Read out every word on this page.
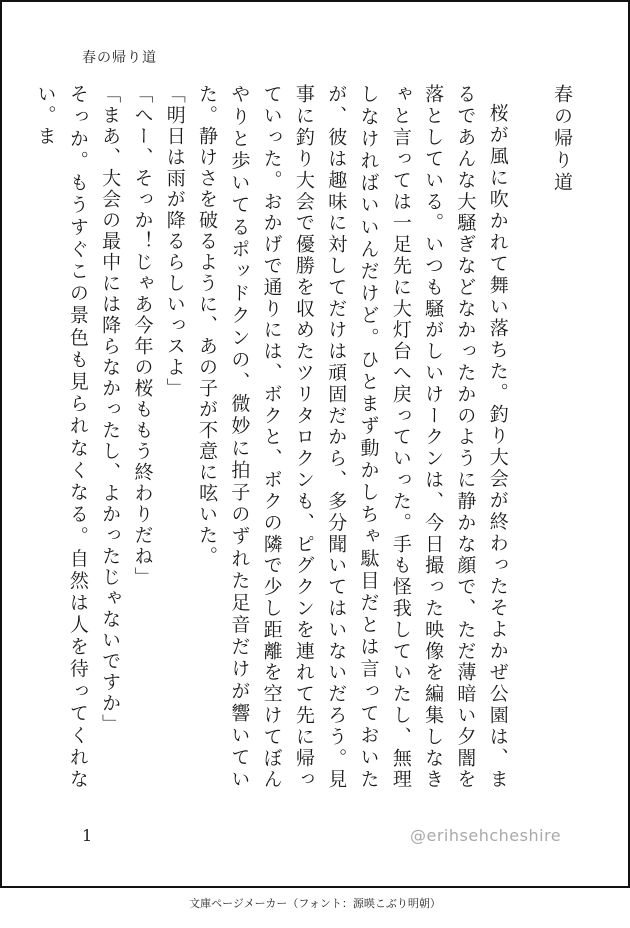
春の帰り道
春の帰り道
桜が風に吹かれて舞い落ちた。釣り大会が終わったそよかぜ公園は、まるであんな大騒ぎなどなかったかのように静かな顔で、ただ薄暗い夕闇を落としている。いつも騒がしいけークンは、今日撮った映像を編集しなきゃと言っては一足先に大灯台へ戻っていった。手も怪我していたし、無理しなければいいんだけど。ひとまず動かしちゃ駄目だとは言っておいたが、彼は趣味に対してだけは頑固だから、多分聞いてはいないだろう。見事に釣り大会で優勝を収めたツリタロクンも、ピグクンを連れて先に帰っていった。おかげで通りには、ボクと、ボクの隣で少し距離を空けてぼんやりと歩いてるポッドクンの、微妙に拍子のずれた足音だけが響いていた。静けさを破るように、あの子が不意に呟いた。
「明日は雨が降るらしいっスよ」
「へー、そっか！じゃあ今年の桜ももう終わりだね」
「まあ、大会の最中には降らなかったし、よかったじゃないですか」
そっか。もうすぐこの景色も見られなくなる。自然は人を待ってくれない。ま
1	@erihsehcheshire
文庫ページメーカー（フォント：源暎こぶり明朝）
